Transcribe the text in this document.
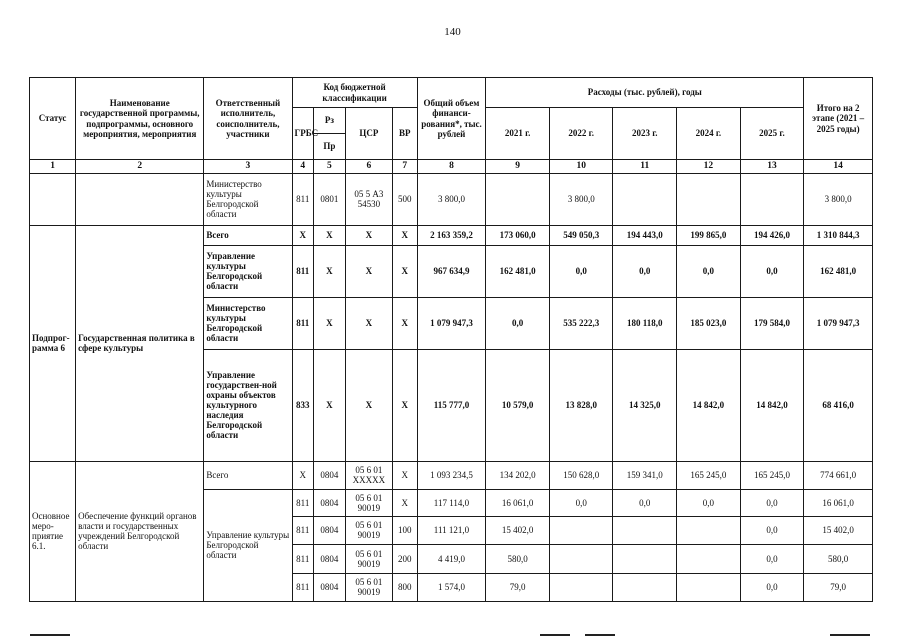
140
Статус	Наименование государственной программы, подпрограммы, основного мероприятия, мероприятия	Ответственный исполнитель, соисполнитель, участники	Код бюджетной классификации				Общий объем финанси-рования*, тыс. рублей	Расходы (тыс. рублей), годы					Итого на 2 этапе (2021 – 2025 годы)
			ГРБС	Рз	ЦСР	ВР		2021 г.	2022 г.	2023 г.	2024 г.	2025 г.	
				Пр									
1	2	3	4	5	6	7	8	9	10	11	12	13	14
		Министерство культуры Белгородской области	811	0801	05 5 А3 54530	500	3 800,0		3 800,0				3 800,0
Подпрог-рамма 6	Государственная политика в сфере культуры	Всего	X	X	X	X	2 163 359,2	173 060,0	549 050,3	194 443,0	199 865,0	194 426,0	1 310 844,3
		Управление культуры Белгородской области	811	X	X	X	967 634,9	162 481,0	0,0	0,0	0,0	0,0	162 481,0
		Министерство культуры Белгородской области	811	X	X	X	1 079 947,3	0,0	535 222,3	180 118,0	185 023,0	179 584,0	1 079 947,3
		Управление государствен-ной охраны объектов культурного наследия Белгородской области	833	X	X	X	115 777,0	10 579,0	13 828,0	14 325,0	14 842,0	14 842,0	68 416,0
Основное меро-приятие 6.1.	Обеспечение функций органов власти и государственных учреждений Белгородской области	Всего	X	0804	05 6 01 ХХХХХ	X	1 093 234,5	134 202,0	150 628,0	159 341,0	165 245,0	165 245,0	774 661,0
		Управление культуры Белгородской области	811	0804	05 6 01 90019	X	117 114,0	16 061,0	0,0	0,0	0,0	0,0	16 061,0
			811	0804	05 6 01 90019	100	111 121,0	15 402,0				0,0	15 402,0
			811	0804	05 6 01 90019	200	4 419,0	580,0				0,0	580,0
			811	0804	05 6 01 90019	800	1 574,0	79,0				0,0	79,0
